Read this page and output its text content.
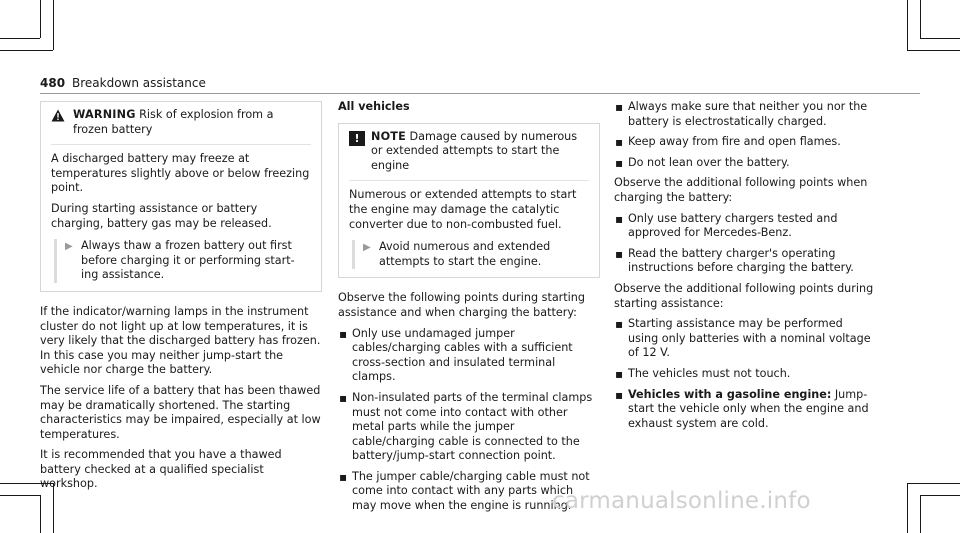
480 Breakdown assistance
WARNING Risk of explosion from a frozen battery

A discharged battery may freeze at temperatures slightly above or below freezing point.

During starting assistance or battery charging, battery gas may be released.

▶ Always thaw a frozen battery out first before charging it or performing start-ing assistance.

If the indicator/warning lamps in the instrument cluster do not light up at low temperatures, it is very likely that the discharged battery has frozen. In this case you may neither jump-start the vehicle nor charge the battery.

The service life of a battery that has been thawed may be dramatically shortened. The starting characteristics may be impaired, especially at low temperatures.

It is recommended that you have a thawed battery checked at a qualified specialist workshop.

All vehicles
!	NOTE Damage caused by numerous or extended attempts to start the engine

Numerous or extended attempts to start the engine may damage the catalytic converter due to non-combusted fuel.

▶ Avoid numerous and extended attempts to start the engine.

Observe the following points during starting assistance and when charging the battery:

▪ Only use undamaged jumper cables/charging cables with a sufficient cross-section and insulated terminal clamps.
▪ Non-insulated parts of the terminal clamps must not come into contact with other metal parts while the jumper cable/charging cable is connected to the battery/jump-start connection point.
▪ The jumper cable/charging cable must not come into contact with any parts which may move when the engine is running.
▪ Always make sure that neither you nor the battery is electrostatically charged.
▪ Keep away from fire and open flames.
▪ Do not lean over the battery.

Observe the additional following points when charging the battery:

▪ Only use battery chargers tested and approved for Mercedes-Benz.
▪ Read the battery charger's operating instructions before charging the battery.

Observe the additional following points during starting assistance:

▪ Starting assistance may be performed using only batteries with a nominal voltage of 12 V.
▪ The vehicles must not touch.
▪ Vehicles with a gasoline engine: Jump-start the vehicle only when the engine and exhaust system are cold.
carmanualsonline.info
